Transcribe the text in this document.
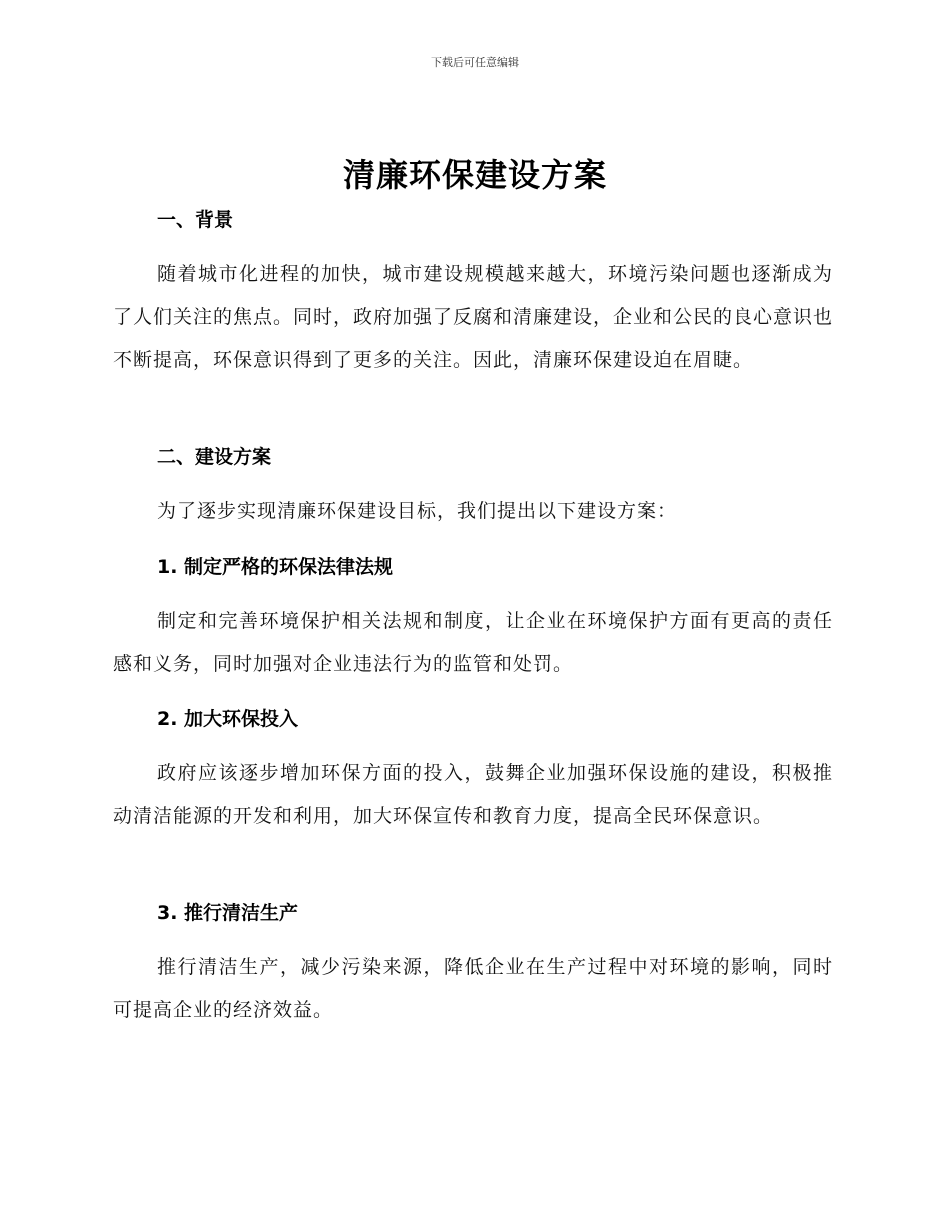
下载后可任意编辑
清廉环保建设方案
一、背景

随着城市化进程的加快，城市建设规模越来越大，环境污染问题也逐渐成为了人们关注的焦点。同时，政府加强了反腐和清廉建设，企业和公民的良心意识也不断提高，环保意识得到了更多的关注。因此，清廉环保建设迫在眉睫。

二、建设方案

为了逐步实现清廉环保建设目标，我们提出以下建设方案：

1. 制定严格的环保法律法规

制定和完善环境保护相关法规和制度，让企业在环境保护方面有更高的责任感和义务，同时加强对企业违法行为的监管和处罚。

2. 加大环保投入

政府应该逐步增加环保方面的投入，鼓舞企业加强环保设施的建设，积极推动清洁能源的开发和利用，加大环保宣传和教育力度，提高全民环保意识。

3. 推行清洁生产

推行清洁生产，减少污染来源，降低企业在生产过程中对环境的影响，同时可提高企业的经济效益。
